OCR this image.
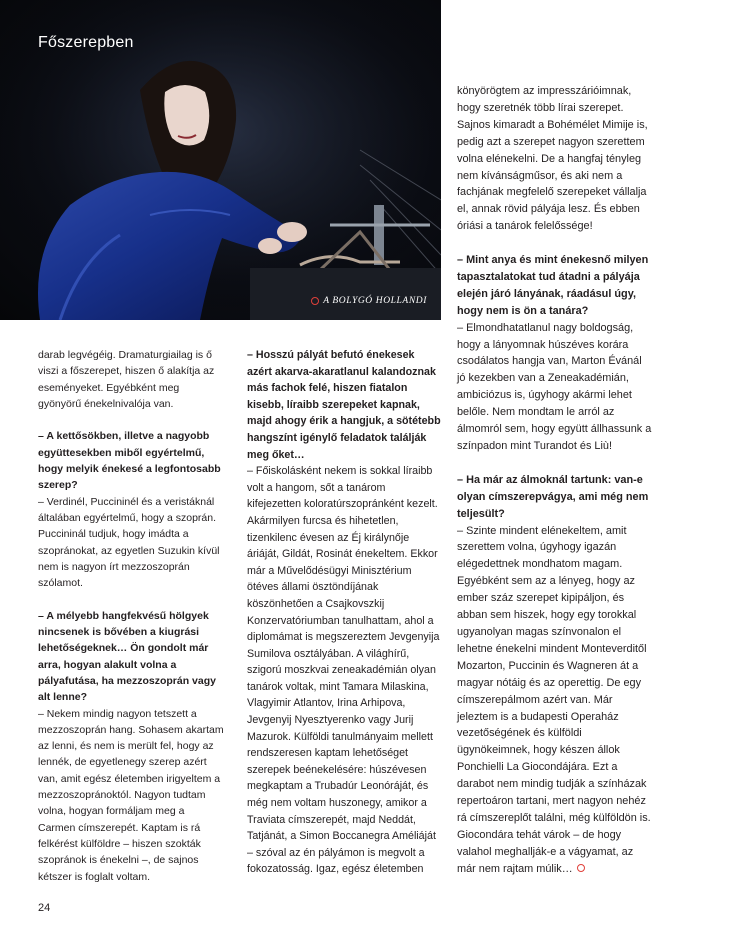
Főszerepben
A BOLYGÓ HOLLANDI

darab legvégéig. Dramaturgiailag is ő viszi a főszerepet, hiszen ő alakítja az eseményeket. Egyébként meg gyönyörű énekelnivalója van.

– A kettősökben, illetve a nagyobb együttesekben miből egyértelmű, hogy melyik énekesé a legfontosabb szerep?

– Verdinél, Puccininél és a veristáknál általában egyértelmű, hogy a szoprán. Puccininál tudjuk, hogy imádta a szopránokat, az egyetlen Suzukin kívül nem is nagyon írt mezzoszoprán szólamot.

– A mélyebb hangfekvésű hölgyek nincsenek is bővében a kiugrási lehetőségeknek… Ön gondolt már arra, hogyan alakult volna a pályafutása, ha mezzoszoprán vagy alt lenne?

– Nekem mindig nagyon tetszett a mezzoszoprán hang. Sohasem akartam az lenni, és nem is merült fel, hogy az lennék, de egyetlenegy szerep azért van, amit egész életemben irigyeltem a mezzoszopránoktól. Nagyon tudtam volna, hogyan formáljam meg a Carmen címszerepét. Kaptam is rá felkérést külföldre – hiszen szokták szopránok is énekelni –, de sajnos kétszer is foglalt voltam.

– Hosszú pályát befutó énekesek azért akarva-akaratlanul kalandoznak más fachok felé, hiszen fiatalon kisebb, líraibb szerepeket kapnak, majd ahogy érik a hangjuk, a sötétebb hangszínt igénylő feladatok találják meg őket…

– Főiskolásként nekem is sokkal líraibb volt a hangom, sőt a tanárom kifejezetten koloratúrszopránként kezelt. Akármilyen furcsa és hihetetlen, tizenkilenc évesen az Éj királynője áriáját, Gildát, Rosinát énekeltem. Ekkor már a Művelődésügyi Minisztérium ötéves állami ösztöndíjának köszönhetően a Csajkovszkij Konzervatóriumban tanulhattam, ahol a diplomámat is megszereztem Jevgenyija Sumilova osztályában. A világhírű, szigorú moszkvai zeneakadémián olyan tanárok voltak, mint Tamara Milaskina, Vlagyimir Atlantov, Irina Arhipova, Jevgenyij Nyesztyerenko vagy Jurij Mazurok. Külföldi tanulmányaim mellett rendszeresen kaptam lehetőséget szerepek beénekelésére: húszévesen megkaptam a Trubadúr Leonóráját, és még nem voltam huszonegy, amikor a Traviata címszerepét, majd Neddát, Tatjánát, a Simon Boccanegra Améliáját – szóval az én pályámon is megvolt a fokozatosság. Igaz, egész életemben

könyörögtem az impresszárióimnak, hogy szeretnék több lírai szerepet. Sajnos kimaradt a Bohémélet Mimije is, pedig azt a szerepet nagyon szerettem volna elénekelni. De a hangfaj tényleg nem kívánságműsor, és aki nem a fachjának megfelelő szerepeket vállalja el, annak rövid pályája lesz. És ebben óriási a tanárok felelőssége!

– Mint anya és mint énekesnő milyen tapasztalatokat tud átadni a pályája elején járó lányának, ráadásul úgy, hogy nem is ön a tanára?

– Elmondhatatlanul nagy boldogság, hogy a lányomnak húszéves korára csodálatos hangja van, Marton Évánál jó kezekben van a Zeneakadémián, ambiciózus is, úgyhogy akármi lehet belőle. Nem mondtam le arról az álmomról sem, hogy együtt állhassunk a színpadon mint Turandot és Liù!

– Ha már az álmoknál tartunk: van-e olyan címszerepvágya, ami még nem teljesült?

– Szinte mindent elénekeltem, amit szerettem volna, úgyhogy igazán elégedettnek mondhatom magam. Egyébként sem az a lényeg, hogy az ember száz szerepet kipipáljon, és abban sem hiszek, hogy egy torokkal ugyanolyan magas színvonalon el lehetne énekelni mindent Monteverditől Mozarton, Puccinin és Wagneren át a magyar nótáig és az operettig. De egy címszerepálmom azért van. Már jeleztem is a budapesti Operaház vezetőségének és külföldi ügynökeimnek, hogy készen állok Ponchielli La Giocondájára. Ezt a darabot nem mindig tudják a színházak repertoáron tartani, mert nagyon nehéz rá címszereplőt találni, még külföldön is. Giocondára tehát várok – de hogy valahol meghallják-e a vágyamat, az már nem rajtam múlik…

24
